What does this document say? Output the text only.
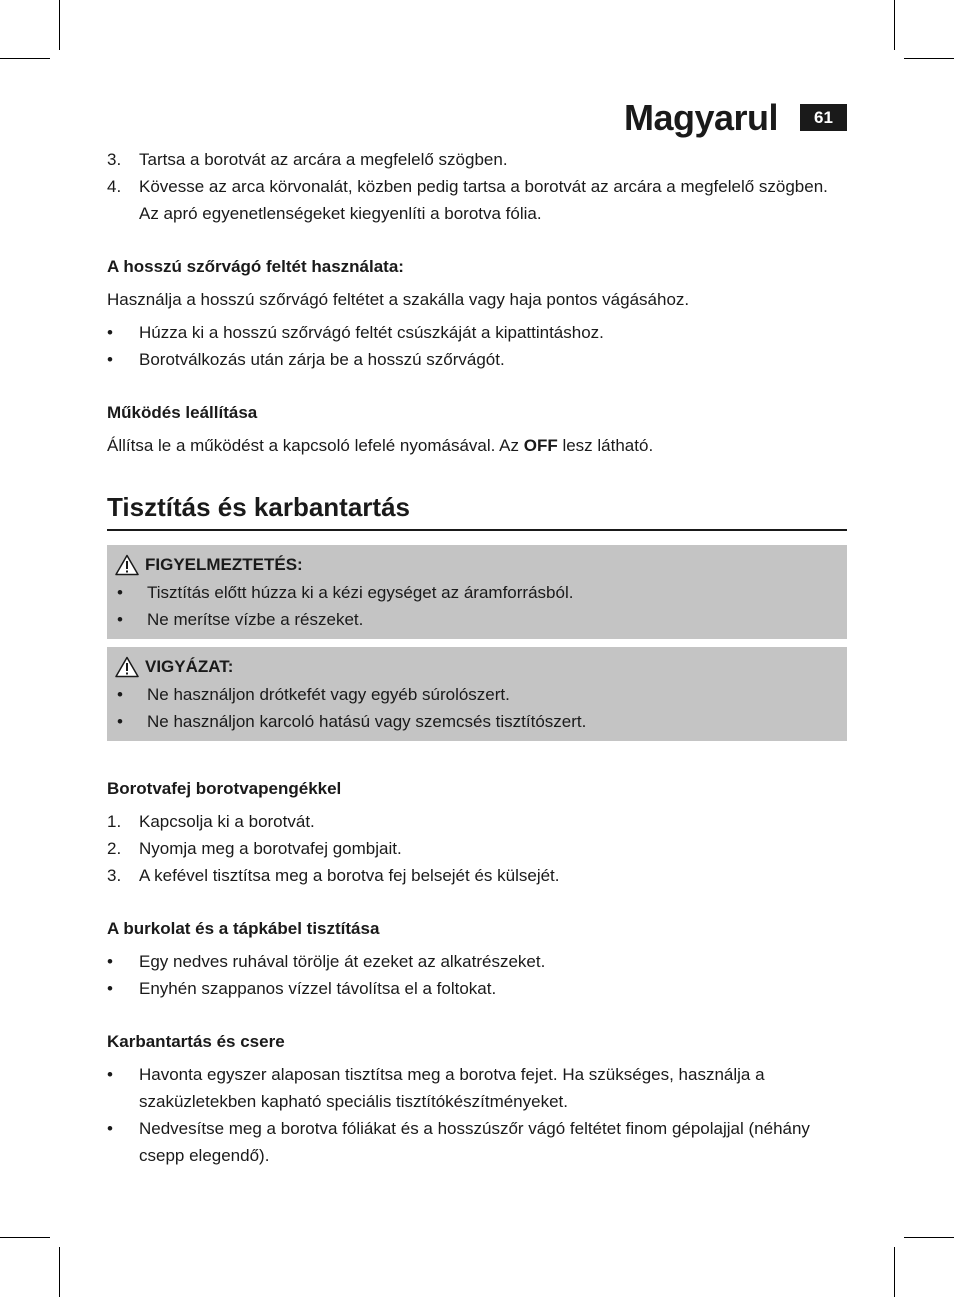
Magyarul	61
3.	Tartsa a borotvát az arcára a megfelelő szögben.
4.	Kövesse az arca körvonalát, közben pedig tartsa a borotvát az arcára a megfelelő szögben. Az apró egyenetlenségeket kiegyenlíti a borotva fólia.
A hosszú szőrvágó feltét használata:
Használja a hosszú szőrvágó feltétet a szakálla vagy haja pontos vágásához.
•	Húzza ki a hosszú szőrvágó feltét csúszkáját a kipattintáshoz.
•	Borotválkozás után zárja be a hosszú szőrvágót.
Működés leállítása
Állítsa le a működést a kapcsoló lefelé nyomásával. Az OFF lesz látható.
Tisztítás és karbantartás
FIGYELMEZTETÉS:
•	Tisztítás előtt húzza ki a kézi egységet az áramforrásból.
•	Ne merítse vízbe a részeket.
VIGYÁZAT:
•	Ne használjon drótkefét vagy egyéb súrolószert.
•	Ne használjon karcoló hatású vagy szemcsés tisztítószert.
Borotvafej borotvapengékkel
1.	Kapcsolja ki a borotvát.
2.	Nyomja meg a borotvafej gombjait.
3.	A kefével tisztítsa meg a borotva fej belsejét és külsejét.
A burkolat és a tápkábel tisztítása
•	Egy nedves ruhával törölje át ezeket az alkatrészeket.
•	Enyhén szappanos vízzel távolítsa el a foltokat.
Karbantartás és csere
•	Havonta egyszer alaposan tisztítsa meg a borotva fejet. Ha szükséges, használja a szaküzletekben kapható speciális tisztítókészítményeket.
•	Nedvesítse meg a borotva fóliákat és a hosszúszőr vágó feltétet finom gépolajjal (néhány csepp elegendő).
